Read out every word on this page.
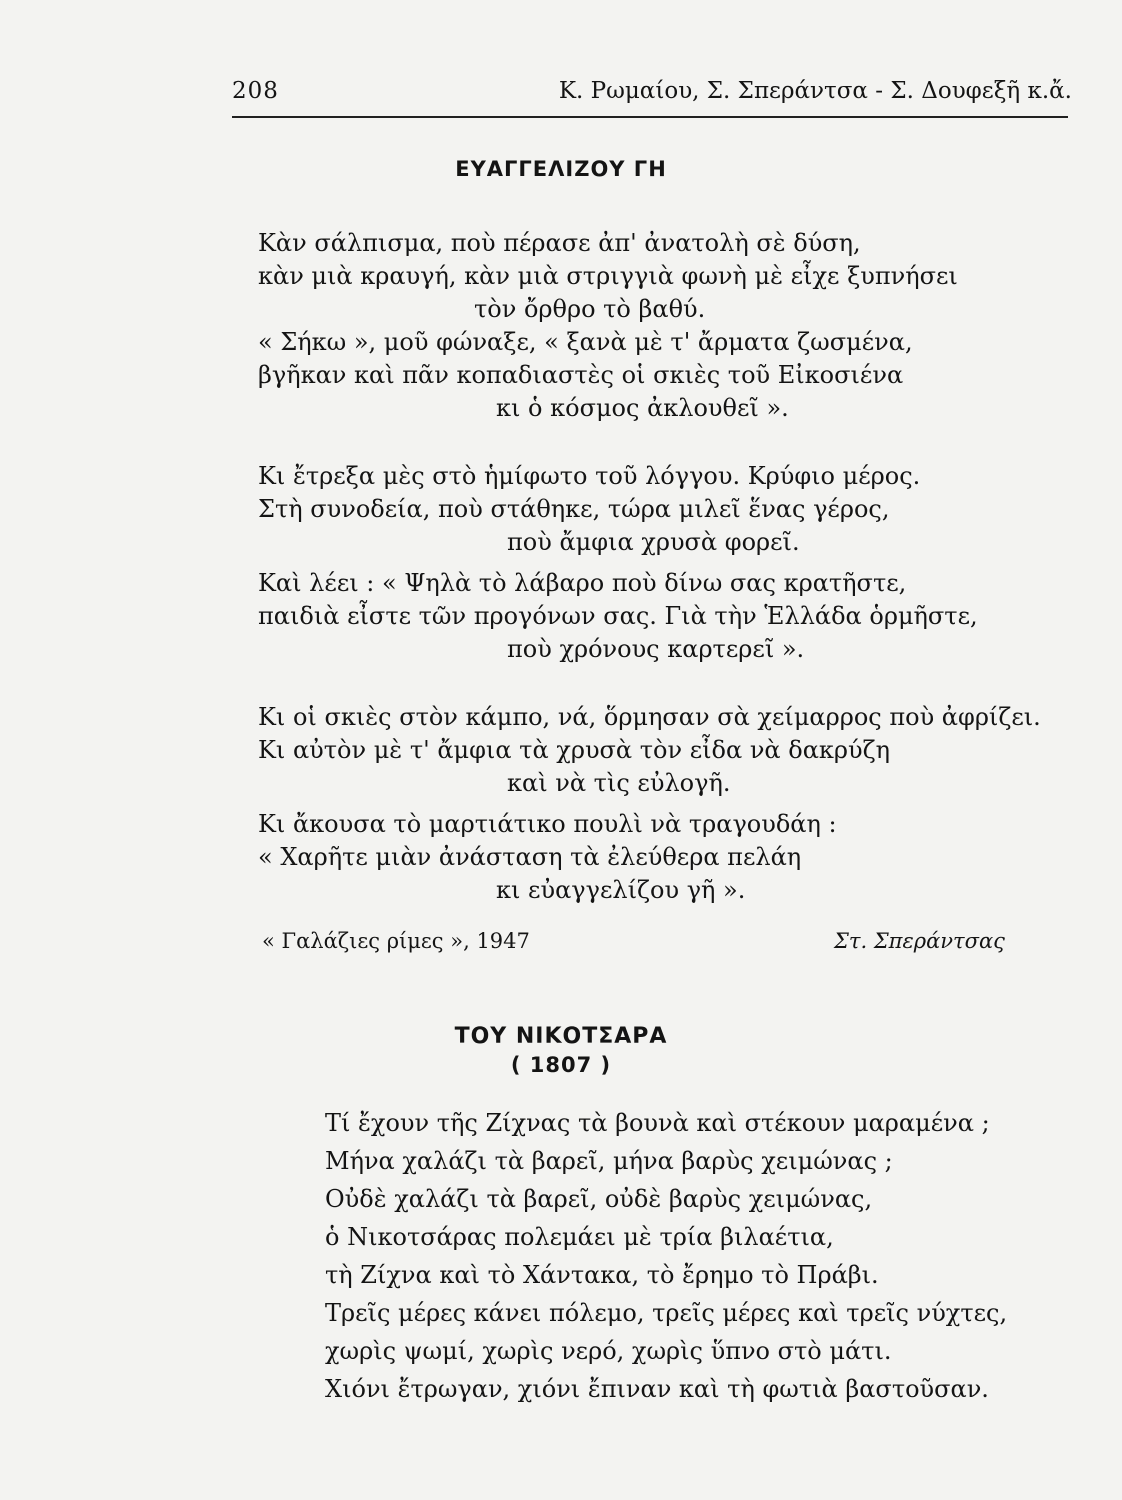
208	Κ. Ρωμαίου, Σ. Σπεράντσα - Σ. Δουφεξῆ κ.ἄ.
ΕΥΑΓΓΕΛΙΖΟΥ ΓΗ
Κὰν σάλπισμα, ποὺ πέρασε ἀπ' ἀνατολὴ σὲ δύση,
κὰν μιὰ κραυγή, κὰν μιὰ στριγγιὰ φωνὴ μὲ εἶχε ξυπνήσει
τὸν ὄρθρο τὸ βαθύ.
« Σήκω », μοῦ φώναξε, « ξανὰ μὲ τ' ἄρματα ζωσμένα,
βγῆκαν καὶ πᾶν κοπαδιαστὲς οἱ σκιὲς τοῦ Εἰκοσιένα
κι ὁ κόσμος ἀκλουθεῖ ».
Κι ἔτρεξα μὲς στὸ ἡμίφωτο τοῦ λόγγου. Κρύφιο μέρος.
Στὴ συνοδεία, ποὺ στάθηκε, τώρα μιλεῖ ἕνας γέρος,
ποὺ ἄμφια χρυσὰ φορεῖ.
Καὶ λέει : « Ψηλὰ τὸ λάβαρο ποὺ δίνω σας κρατῆστε,
παιδιὰ εἶστε τῶν προγόνων σας. Γιὰ τὴν Ἑλλάδα ὁρμῆστε,
ποὺ χρόνους καρτερεῖ ».
Κι οἱ σκιὲς στὸν κάμπο, νά, ὅρμησαν σὰ χείμαρρος ποὺ ἀφρίζει.
Κι αὐτὸν μὲ τ' ἄμφια τὰ χρυσὰ τὸν εἶδα νὰ δακρύζη
καὶ νὰ τὶς εὐλογῆ.
Κι ἄκουσα τὸ μαρτιάτικο πουλὶ νὰ τραγουδάη :
« Χαρῆτε μιὰν ἀνάσταση τὰ ἐλεύθερα πελάη
κι εὐαγγελίζου γῆ ».
« Γαλάζιες ρίμες », 1947	Στ. Σπεράντσας
ΤΟΥ ΝΙΚΟΤΣΑΡΑ
( 1807 )
Τί ἔχουν τῆς Ζίχνας τὰ βουνὰ καὶ στέκουν μαραμένα ;
Μήνα χαλάζι τὰ βαρεῖ, μήνα βαρὺς χειμώνας ;
Οὐδὲ χαλάζι τὰ βαρεῖ, οὐδὲ βαρὺς χειμώνας,
ὁ Νικοτσάρας πολεμάει μὲ τρία βιλαέτια,
τὴ Ζίχνα καὶ τὸ Χάντακα, τὸ ἔρημο τὸ Πράβι.
Τρεῖς μέρες κάνει πόλεμο, τρεῖς μέρες καὶ τρεῖς νύχτες,
χωρὶς ψωμί, χωρὶς νερό, χωρὶς ὕπνο στὸ μάτι.
Χιόνι ἔτρωγαν, χιόνι ἔπιναν καὶ τὴ φωτιὰ βαστοῦσαν.
